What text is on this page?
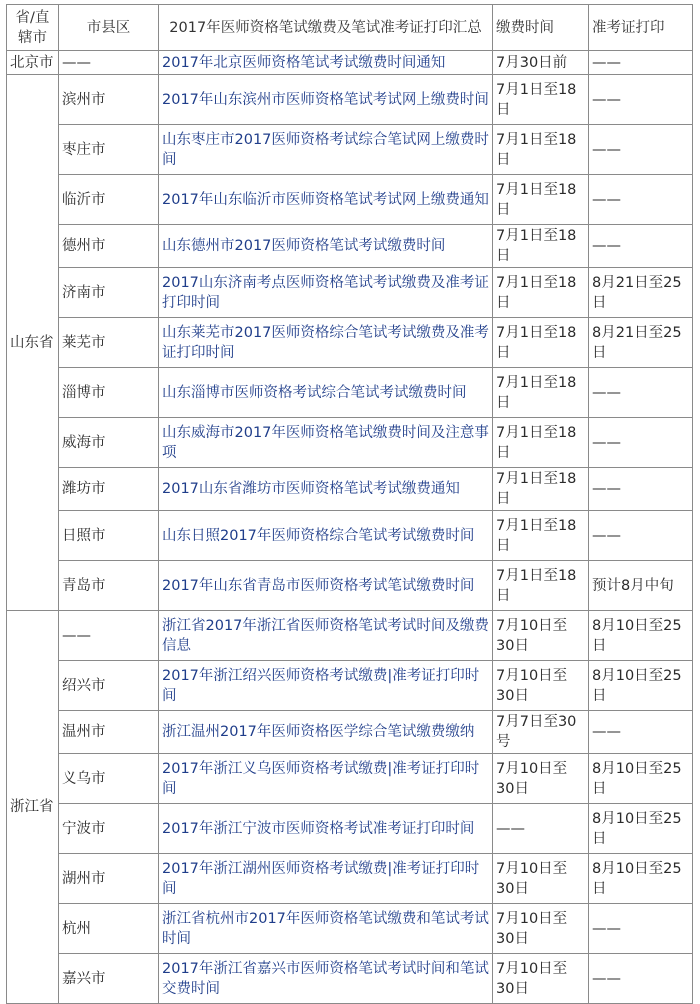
省/直辖市	市县区	2017年医师资格笔试缴费及笔试准考证打印汇总	缴费时间	准考证打印
北京市	——	2017年北京医师资格笔试考试缴费时间通知	7月30日前	——
山东省	滨州市	2017年山东滨州市医师资格笔试考试网上缴费时间	7月1日至18日	——
	枣庄市	山东枣庄市2017医师资格考试综合笔试网上缴费时间	7月1日至18日	——
	临沂市	2017年山东临沂市医师资格笔试考试网上缴费通知	7月1日至18日	——
	德州市	山东德州市2017医师资格笔试考试缴费时间	7月1日至18日	——
	济南市	2017山东济南考点医师资格笔试考试缴费及准考证打印时间	7月1日至18日	8月21日至25日
	莱芜市	山东莱芜市2017医师资格综合笔试考试缴费及准考证打印时间	7月1日至18日	8月21日至25日
	淄博市	山东淄博市医师资格考试综合笔试考试缴费时间	7月1日至18日	——
	威海市	山东威海市2017年医师资格笔试缴费时间及注意事项	7月1日至18日	——
	潍坊市	2017山东省潍坊市医师资格笔试考试缴费通知	7月1日至18日	——
	日照市	山东日照2017年医师资格综合笔试考试缴费时间	7月1日至18日	——
	青岛市	2017年山东省青岛市医师资格考试笔试缴费时间	7月1日至18日	预计8月中旬
浙江省	——	浙江省2017年浙江省医师资格笔试考试时间及缴费信息	7月10日至30日	8月10日至25日
	绍兴市	2017年浙江绍兴医师资格考试缴费|准考证打印时间	7月10日至30日	8月10日至25日
	温州市	浙江温州2017年医师资格医学综合笔试缴费缴纳	7月7日至30号	——
	义乌市	2017年浙江义乌医师资格考试缴费|准考证打印时间	7月10日至30日	8月10日至25日
	宁波市	2017年浙江宁波市医师资格考试准考证打印时间	——	8月10日至25日
	湖州市	2017年浙江湖州医师资格考试缴费|准考证打印时间	7月10日至30日	8月10日至25日
	杭州	浙江省杭州市2017年医师资格笔试缴费和笔试考试时间	7月10日至30日	——
	嘉兴市	2017年浙江省嘉兴市医师资格笔试考试时间和笔试交费时间	7月10日至30日	——
